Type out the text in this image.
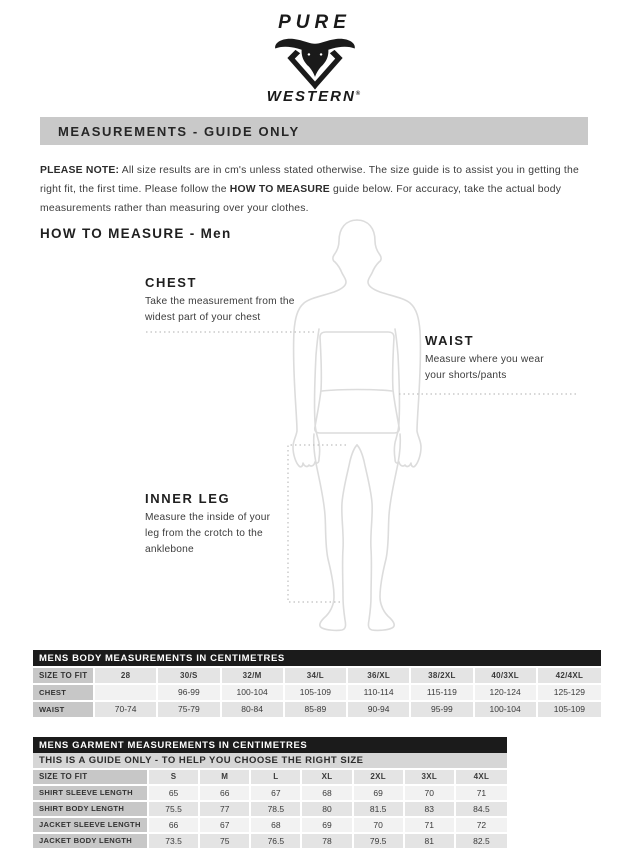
PURE
WESTERN®
MEASUREMENTS - GUIDE ONLY

PLEASE NOTE: All size results are in cm's unless stated otherwise. The size guide is to assist you in getting the right fit, the first time. Please follow the HOW TO MEASURE guide below. For accuracy, take the actual body measurements rather than measuring over your clothes.

HOW TO MEASURE - Men
CHEST

Take the measurement from the widest part of your chest

WAIST

Measure where you wear your shorts/pants

INNER LEG

Measure the inside of your leg from the crotch to the anklebone

MENS BODY MEASUREMENTS IN CENTIMETRES
SIZE TO FIT	28	30/S	32/M	34/L	36/XL	38/2XL	40/3XL	42/4XL
CHEST		96-99	100-104	105-109	110-114	115-119	120-124	125-129
WAIST	70-74	75-79	80-84	85-89	90-94	95-99	100-104	105-109
MENS GARMENT MEASUREMENTS IN CENTIMETRES
THIS IS A GUIDE ONLY - TO HELP YOU CHOOSE THE RIGHT SIZE
SIZE TO FIT	S	M	L	XL	2XL	3XL	4XL
SHIRT SLEEVE LENGTH	65	66	67	68	69	70	71
SHIRT BODY LENGTH	75.5	77	78.5	80	81.5	83	84.5
JACKET SLEEVE LENGTH	66	67	68	69	70	71	72
JACKET BODY LENGTH	73.5	75	76.5	78	79.5	81	82.5
